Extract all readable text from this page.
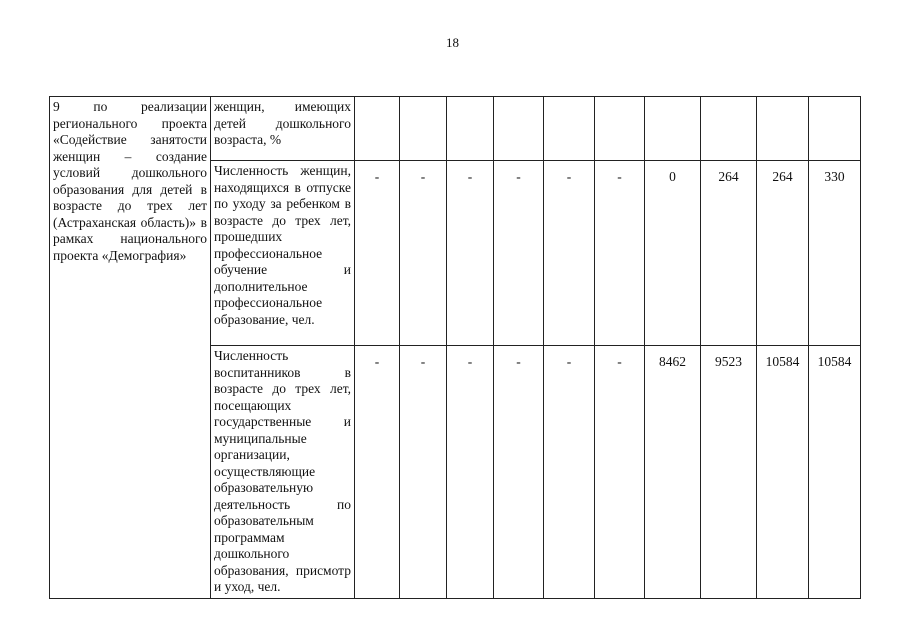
18
9 по реализации регионального проекта «Содействие занятости женщин – создание условий дошкольного образования для детей в возрасте до трех лет (Астраханская область)» в рамках национального проекта «Демография»	женщин, имеющих детей дошкольного возраста, %										
	Численность женщин, находящихся в отпуске по уходу за ребенком в возрасте до трех лет, прошедших профессиональное обучение и дополнительное профессиональное образование, чел.	-	-	-	-	-	-	0	264	264	330
	Численность воспитанников в возрасте до трех лет, посещающих государственные и муниципальные организации, осуществляющие образовательную деятельность по образовательным программам дошкольного образования, присмотр и уход, чел.	-	-	-	-	-	-	8462	9523	10584	10584
